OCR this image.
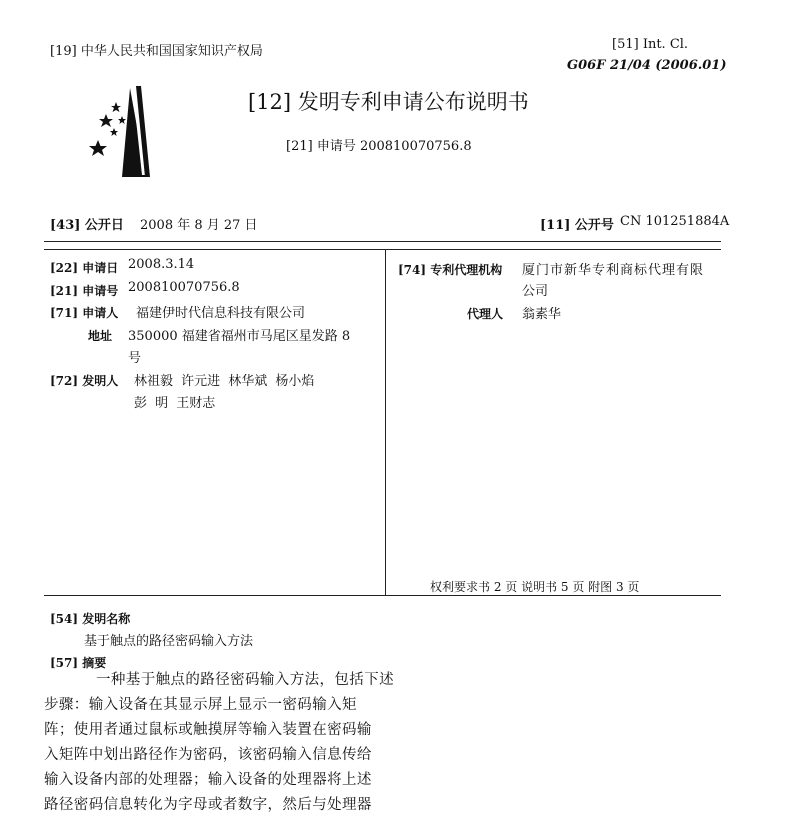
[19] 中华人民共和国国家知识产权局	[51] Int. Cl.
G06F 21/04 (2006.01)
[12] 发明专利申请公布说明书
[21] 申请号 200810070756.8
[43] 公开日 2008 年 8 月 27 日	[11] 公开号 CN 101251884A
[22] 申请日 2008.3.14
[21] 申请号 200810070756.8
[71] 申请人 福建伊时代信息科技有限公司
地址 350000 福建省福州市马尾区星发路 8
号
[72] 发明人 林祖毅 许元进 林华斌 杨小焰
彭 明 王财志
[74] 专利代理机构 厦门市新华专利商标代理有限
公司
代理人 翁素华
权利要求书 2 页 说明书 5 页 附图 3 页
[54] 发明名称
基于触点的路径密码输入方法
[57] 摘要
一种基于触点的路径密码输入方法，包括下述
步骤：输入设备在其显示屏上显示一密码输入矩
阵；使用者通过鼠标或触摸屏等输入装置在密码输
入矩阵中划出路径作为密码，该密码输入信息传给
输入设备内部的处理器；输入设备的处理器将上述
路径密码信息转化为字母或者数字，然后与处理器
